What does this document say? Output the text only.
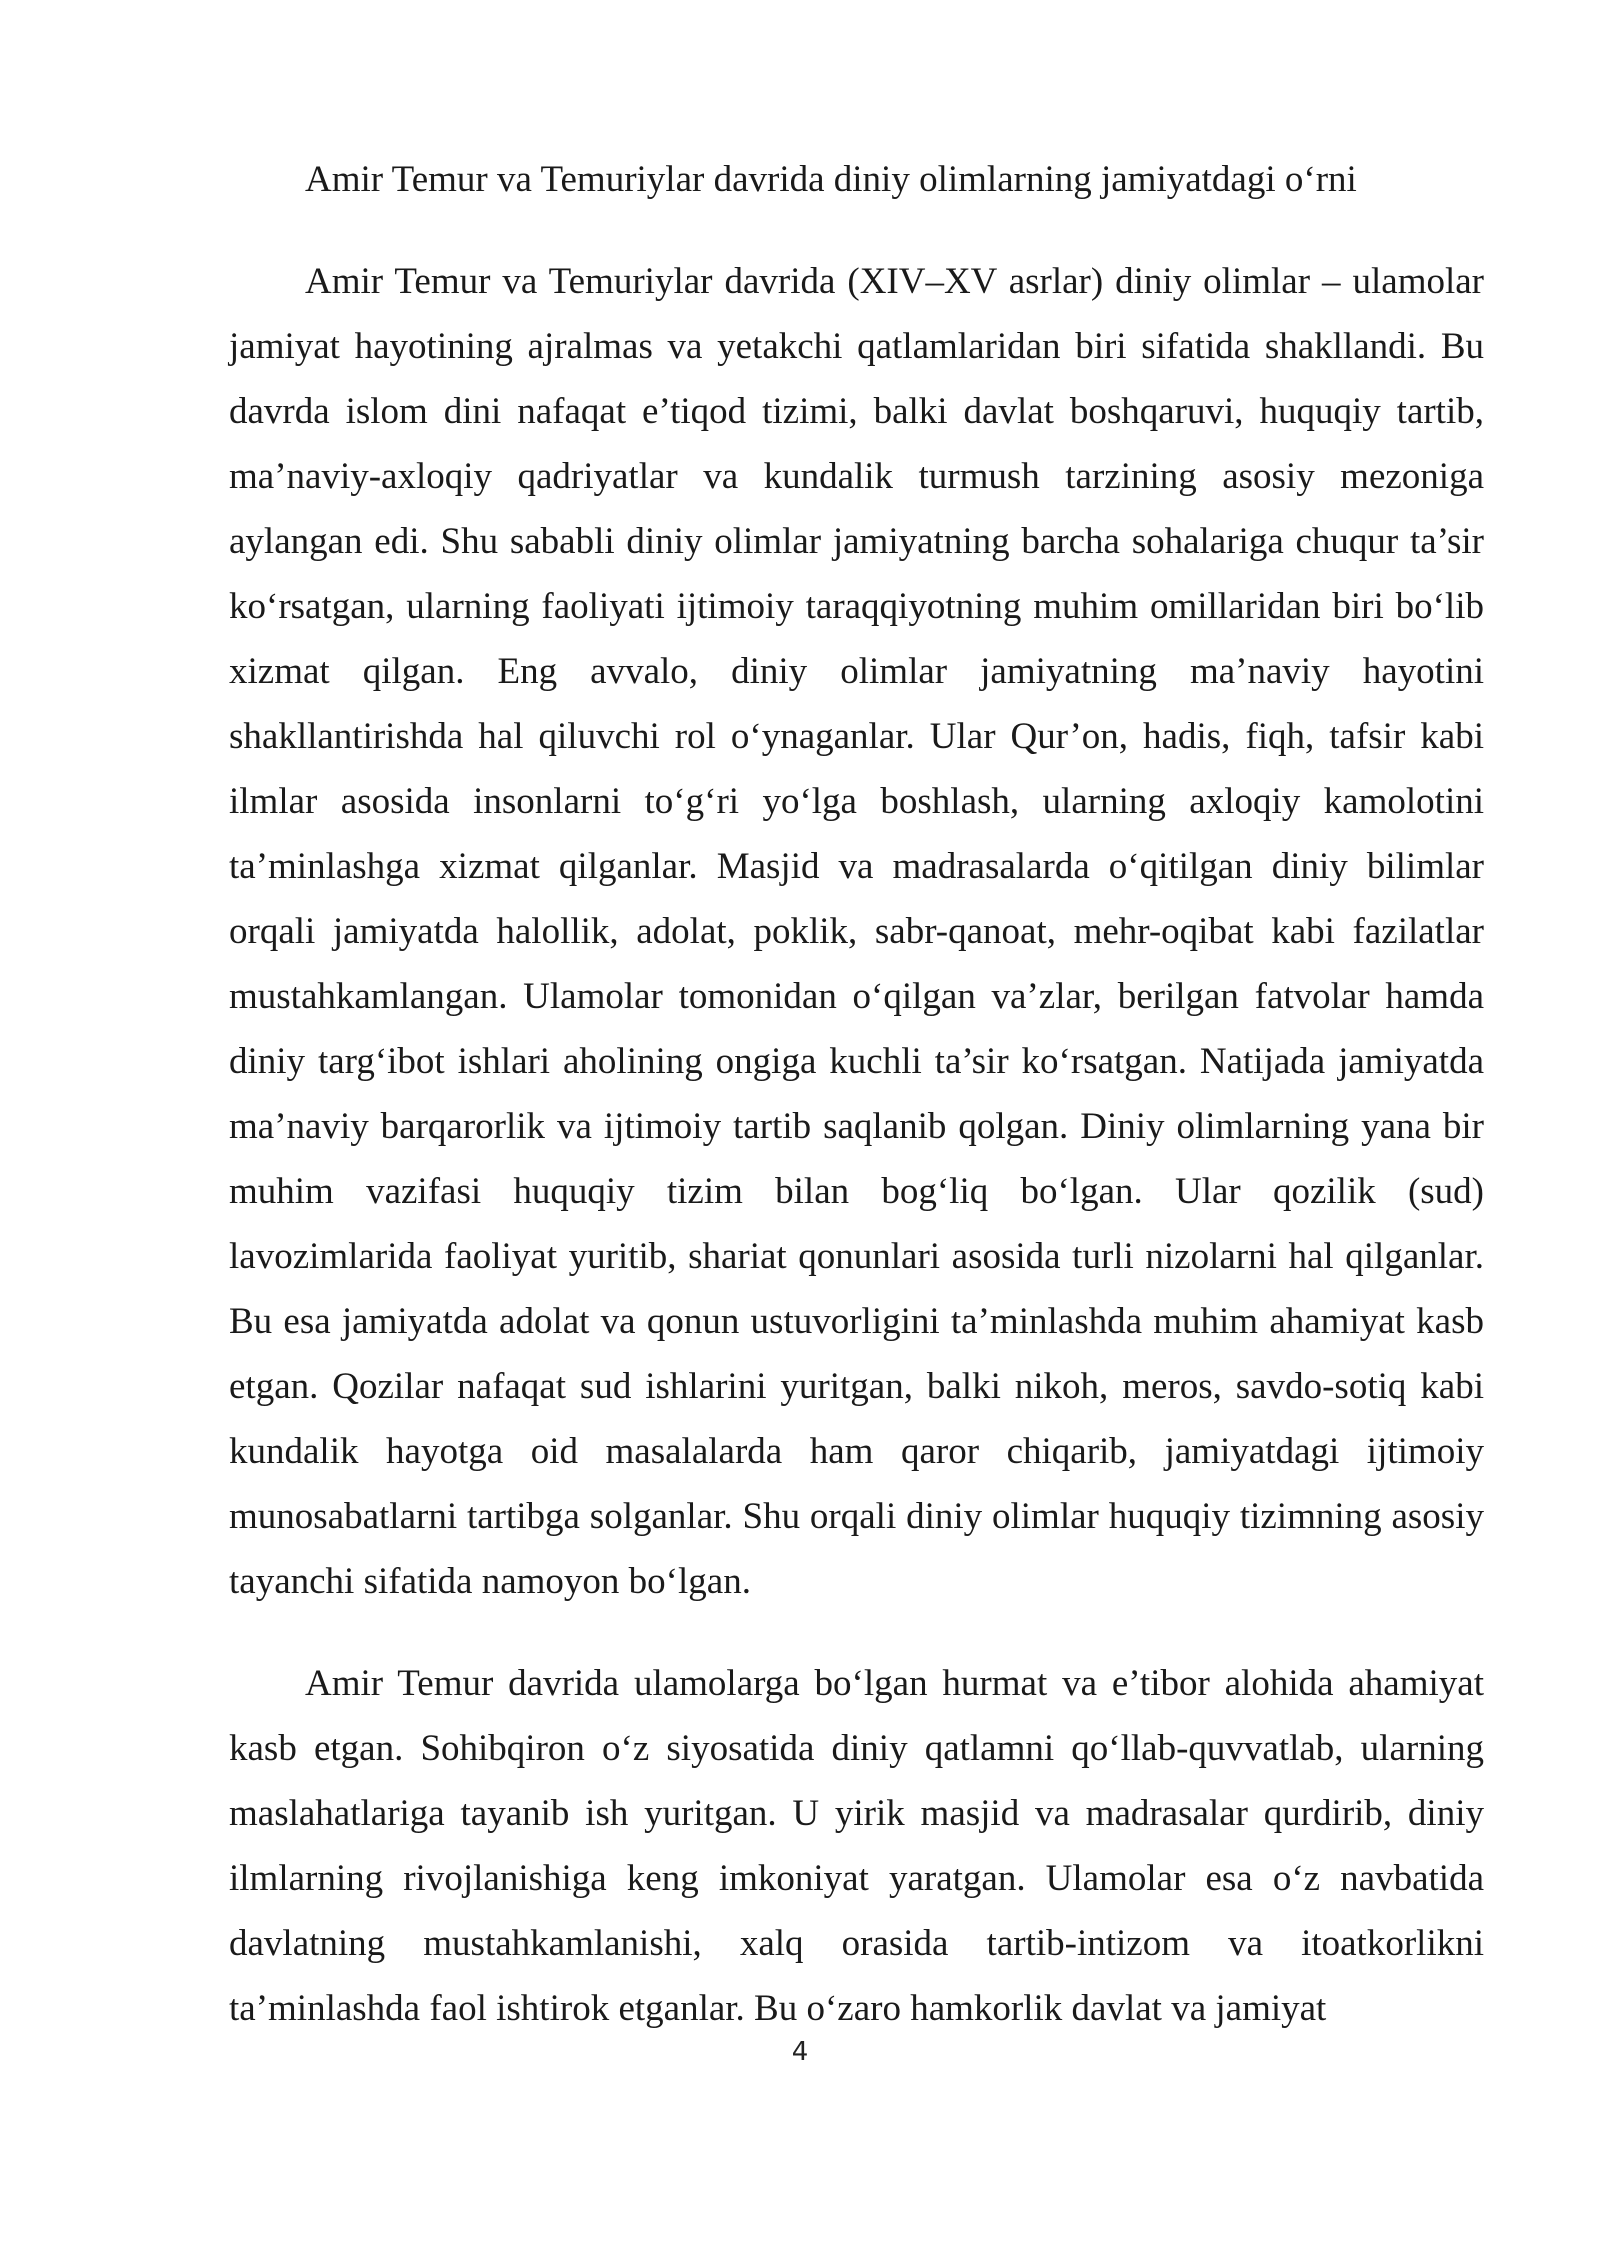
Amir Temur va Temuriylar davrida diniy olimlarning jamiyatdagi o‘rni

Amir Temur va Temuriylar davrida (XIV–XV asrlar) diniy olimlar – ulamolar jamiyat hayotining ajralmas va yetakchi qatlamlaridan biri sifatida shakllandi. Bu davrda islom dini nafaqat e’tiqod tizimi, balki davlat boshqaruvi, huquqiy tartib, ma’naviy-axloqiy qadriyatlar va kundalik turmush tarzining asosiy mezoniga aylangan edi. Shu sababli diniy olimlar jamiyatning barcha sohalariga chuqur ta’sir ko‘rsatgan, ularning faoliyati ijtimoiy taraqqiyotning muhim omillaridan biri bo‘lib xizmat qilgan. Eng avvalo, diniy olimlar jamiyatning ma’naviy hayotini shakllantirishda hal qiluvchi rol o‘ynaganlar. Ular Qur’on, hadis, fiqh, tafsir kabi ilmlar asosida insonlarni to‘g‘ri yo‘lga boshlash, ularning axloqiy kamolotini ta’minlashga xizmat qilganlar. Masjid va madrasalarda o‘qitilgan diniy bilimlar orqali jamiyatda halollik, adolat, poklik, sabr-qanoat, mehr-oqibat kabi fazilatlar mustahkamlangan. Ulamolar tomonidan o‘qilgan va’zlar, berilgan fatvolar hamda diniy targ‘ibot ishlari aholining ongiga kuchli ta’sir ko‘rsatgan. Natijada jamiyatda ma’naviy barqarorlik va ijtimoiy tartib saqlanib qolgan. Diniy olimlarning yana bir muhim vazifasi huquqiy tizim bilan bog‘liq bo‘lgan. Ular qozilik (sud) lavozimlarida faoliyat yuritib, shariat qonunlari asosida turli nizolarni hal qilganlar. Bu esa jamiyatda adolat va qonun ustuvorligini ta’minlashda muhim ahamiyat kasb etgan. Qozilar nafaqat sud ishlarini yuritgan, balki nikoh, meros, savdo-sotiq kabi kundalik hayotga oid masalalarda ham qaror chiqarib, jamiyatdagi ijtimoiy munosabatlarni tartibga solganlar. Shu orqali diniy olimlar huquqiy tizimning asosiy tayanchi sifatida namoyon bo‘lgan.

Amir Temur davrida ulamolarga bo‘lgan hurmat va e’tibor alohida ahamiyat kasb etgan. Sohibqiron o‘z siyosatida diniy qatlamni qo‘llab-quvvatlab, ularning maslahatlariga tayanib ish yuritgan. U yirik masjid va madrasalar qurdirib, diniy ilmlarning rivojlanishiga keng imkoniyat yaratgan. Ulamolar esa o‘z navbatida davlatning mustahkamlanishi, xalq orasida tartib-intizom va itoatkorlikni ta’minlashda faol ishtirok etganlar. Bu o‘zaro hamkorlik davlat va jamiyat

4
